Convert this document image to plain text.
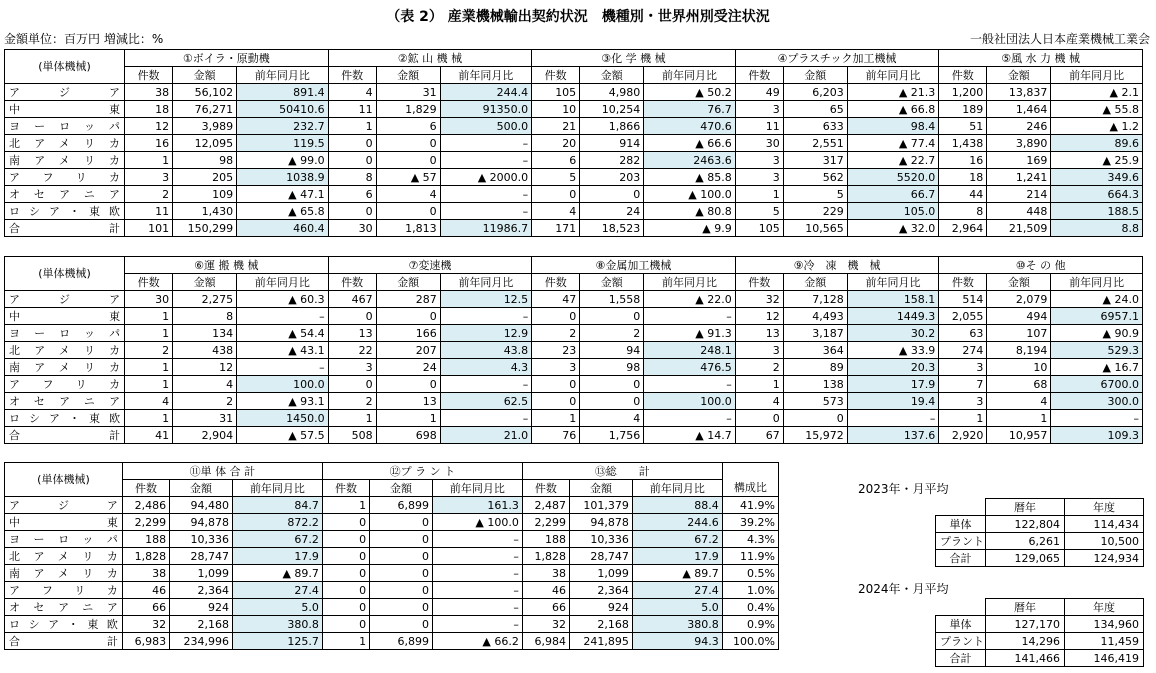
（表 2） 産業機械輸出契約状況　機種別・世界州別受注状況
金額単位：百万円 増減比：%	一般社団法人日本産業機械工業会
(単体機械)	①ボイラ・原動機			②鉱 山 機 械			③化 学 機 械			④プラスチック加工機械			⑤風 水 力 機 械		
	件数	金額	前年同月比	件数	金額	前年同月比	件数	金額	前年同月比	件数	金額	前年同月比	件数	金額	前年同月比
ア　ジ　ア	38	56,102	891.4	4	31	244.4	105	4,980	▲ 50.2	49	6,203	▲ 21.3	1,200	13,837	▲ 2.1
中　　　東	18	76,271	50410.6	11	1,829	91350.0	10	10,254	76.7	3	65	▲ 66.8	189	1,464	▲ 55.8
ヨーロッパ	12	3,989	232.7	1	6	500.0	21	1,866	470.6	11	633	98.4	51	246	▲ 1.2
北アメリカ	16	12,095	119.5	0	0	–	20	914	▲ 66.6	30	2,551	▲ 77.4	1,438	3,890	89.6
南アメリカ	1	98	▲ 99.0	0	0	–	6	282	2463.6	3	317	▲ 22.7	16	169	▲ 25.9
アフリカ	3	205	1038.9	8	▲ 57	▲ 2000.0	5	203	▲ 85.8	3	562	5520.0	18	1,241	349.6
オセアニア	2	109	▲ 47.1	6	4	–	0	0	▲ 100.0	1	5	66.7	44	214	664.3
ロシア・東欧	11	1,430	▲ 65.8	0	0	–	4	24	▲ 80.8	5	229	105.0	8	448	188.5
合　　計	101	150,299	460.4	30	1,813	11986.7	171	18,523	▲ 9.9	105	10,565	▲ 32.0	2,964	21,509	8.8
(単体機械)	⑥運 搬 機 械			⑦変速機			⑧金属加工機械			⑨冷　凍　機　械			⑩そ の 他		
	件数	金額	前年同月比	件数	金額	前年同月比	件数	金額	前年同月比	件数	金額	前年同月比	件数	金額	前年同月比
ア　ジ　ア	30	2,275	▲ 60.3	467	287	12.5	47	1,558	▲ 22.0	32	7,128	158.1	514	2,079	▲ 24.0
中　　　東	1	8	–	0	0	–	0	0	–	12	4,493	1449.3	2,055	494	6957.1
ヨーロッパ	1	134	▲ 54.4	13	166	12.9	2	2	▲ 91.3	13	3,187	30.2	63	107	▲ 90.9
北アメリカ	2	438	▲ 43.1	22	207	43.8	23	94	248.1	3	364	▲ 33.9	274	8,194	529.3
南アメリカ	1	12	–	3	24	4.3	3	98	476.5	2	89	20.3	3	10	▲ 16.7
アフリカ	1	4	100.0	0	0	–	0	0	–	1	138	17.9	7	68	6700.0
オセアニア	4	2	▲ 93.1	2	13	62.5	0	0	100.0	4	573	19.4	3	4	300.0
ロシア・東欧	1	31	1450.0	1	1	–	1	4	–	0	0	–	1	1	–
合　　計	41	2,904	▲ 57.5	508	698	21.0	76	1,756	▲ 14.7	67	15,972	137.6	2,920	10,957	109.3
(単体機械)	⑪単 体 合 計			⑫プ ラ ン ト			⑬総　　計			
	件数	金額	前年同月比	件数	金額	前年同月比	件数	金額	前年同月比	構成比
ア　ジ　ア	2,486	94,480	84.7	1	6,899	161.3	2,487	101,379	88.4	41.9%
中　　　東	2,299	94,878	872.2	0	0	▲ 100.0	2,299	94,878	244.6	39.2%
ヨーロッパ	188	10,336	67.2	0	0	–	188	10,336	67.2	4.3%
北アメリカ	1,828	28,747	17.9	0	0	–	1,828	28,747	17.9	11.9%
南アメリカ	38	1,099	▲ 89.7	0	0	–	38	1,099	▲ 89.7	0.5%
アフリカ	46	2,364	27.4	0	0	–	46	2,364	27.4	1.0%
オセアニア	66	924	5.0	0	0	–	66	924	5.0	0.4%
ロシア・東欧	32	2,168	380.8	0	0	–	32	2,168	380.8	0.9%
合　　計	6,983	234,996	125.7	1	6,899	▲ 66.2	6,984	241,895	94.3	100.0%
2023年・月平均
	暦年	年度
単体	122,804	114,434
プラント	6,261	10,500
合計	129,065	124,934
2024年・月平均
	暦年	年度
単体	127,170	134,960
プラント	14,296	11,459
合計	141,466	146,419
